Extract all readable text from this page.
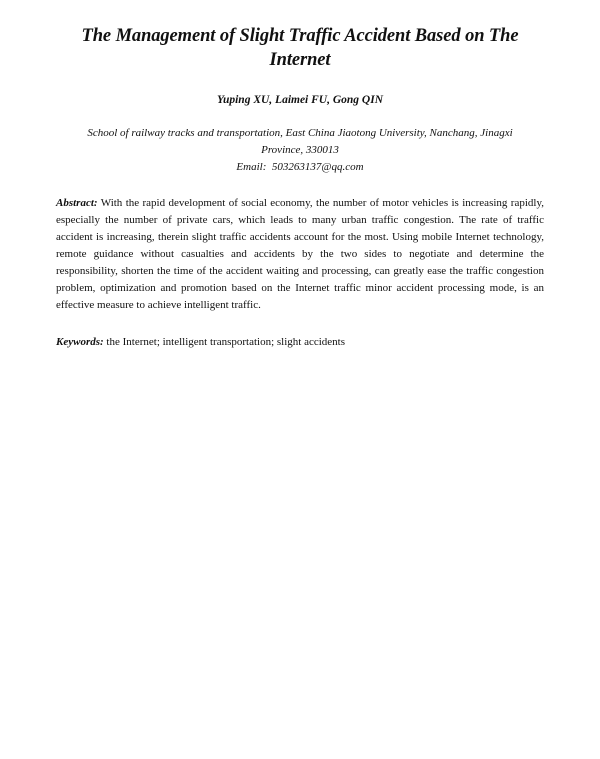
The Management of Slight Traffic Accident Based on The Internet

Yuping XU, Laimei FU, Gong QIN

School of railway tracks and transportation, East China Jiaotong University, Nanchang, Jinagxi
Province, 330013
Email: 503263137@qq.com

Abstract: With the rapid development of social economy, the number of motor vehicles is increasing rapidly, especially the number of private cars, which leads to many urban traffic congestion. The rate of traffic accident is increasing, therein slight traffic accidents account for the most. Using mobile Internet technology, remote guidance without casualties and accidents by the two sides to negotiate and determine the responsibility, shorten the time of the accident waiting and processing, can greatly ease the traffic congestion problem, optimization and promotion based on the Internet traffic minor accident processing mode, is an effective measure to achieve intelligent traffic.

Keywords: the Internet; intelligent transportation; slight accidents
